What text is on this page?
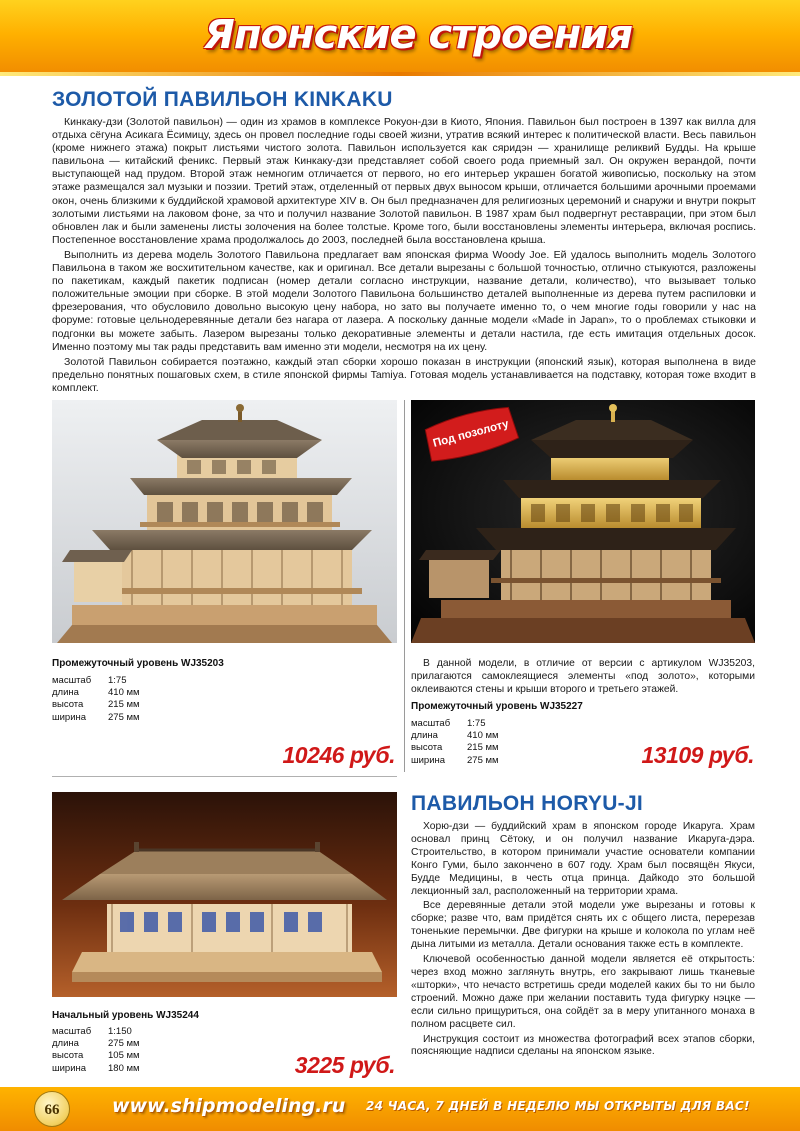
Японские строения
ЗОЛОТОЙ ПАВИЛЬОН KINKAKU

Кинкаку-дзи (Золотой павильон) — один из храмов в комплексе Рокуон-дзи в Киото, Япония. Павильон был построен в 1397 как вилла для отдыха сёгуна Асикага Ёсимицу, здесь он провел последние годы своей жизни, утратив всякий интерес к политической власти. Весь павильон (кроме нижнего этажа) покрыт листьями чистого золота. Павильон используется как сяридэн — хранилище реликвий Будды. На крыше павильона — китайский феникс. Первый этаж Кинкаку-дзи представляет собой своего рода приемный зал. Он окружен верандой, почти выступающей над прудом. Второй этаж немногим отличается от первого, но его интерьер украшен богатой живописью, поскольку на этом этаже размещался зал музыки и поэзии. Третий этаж, отделенный от первых двух выносом крыши, отличается большими арочными проемами окон, очень близкими к буддийской храмовой архитектуре XIV в. Он был предназначен для религиозных церемоний и снаружи и внутри покрыт золотыми листьями на лаковом фоне, за что и получил название Золотой павильон. В 1987 храм был подвергнут реставрации, при этом был обновлен лак и были заменены листы золочения на более толстые. Кроме того, были восстановлены элементы интерьера, включая роспись. Постепенное восстановление храма продолжалось до 2003, последней была восстановлена крыша.

Выполнить из дерева модель Золотого Павильона предлагает вам японская фирма Woody Joe. Ей удалось выполнить модель Золотого Павильона в таком же восхитительном качестве, как и оригинал. Все детали вырезаны с большой точностью, отлично стыкуются, разложены по пакетикам, каждый пакетик подписан (номер детали согласно инструкции, название детали, количество), что вызывает только положительные эмоции при сборке. В этой модели Золотого Павильона большинство деталей выполненные из дерева путем распиловки и фрезерования, что обусловило довольно высокую цену набора, но зато вы получаете именно то, о чем многие годы говорили у нас на форуме: готовые цельнодеревянные детали без нагара от лазера. А поскольку данные модели «Made in Japan», то о проблемах стыковки и подгонки вы можете забыть. Лазером вырезаны только декоративные элементы и детали настила, где есть имитация отдельных досок. Именно поэтому мы так рады представить вам именно эти модели, несмотря на их цену.

Золотой Павильон собирается поэтажно, каждый этап сборки хорошо показан в инструкции (японский язык), которая выполнена в виде предельно понятных пошаговых схем, в стиле японской фирмы Tamiya. Готовая модель устанавливается на подставку, которая тоже входит в комплект.

Под позолоту
Промежуточный уровень WJ35203
масштаб	1:75
длина	410 мм
высота	215 мм
ширина	275 мм
10246 руб.

В данной модели, в отличие от версии с артикулом WJ35203, прилагаются самоклеящиеся элементы «под золото», которыми оклеиваются стены и крыши второго и третьего этажей.

Промежуточный уровень WJ35227
масштаб	1:75
длина	410 мм
высота	215 мм
ширина	275 мм	13109 руб.
Начальный уровень WJ35244
масштаб	1:150
длина	275 мм
высота	105 мм
ширина	180 мм	3225 руб.
ПАВИЛЬОН HORYU-JI

Хорю-дзи — буддийский храм в японском городе Икаруга. Храм основал принц Сётоку, и он получил название Икаруга-дэра. Строительство, в котором принимали участие основатели компании Конго Гуми, было закончено в 607 году. Храм был посвящён Якуси, Будде Медицины, в честь отца принца. Дайкодо это большой лекционный зал, расположенный на территории храма.

Все деревянные детали этой модели уже вырезаны и готовы к сборке; разве что, вам придётся снять их с общего листа, перерезав тоненькие перемычки. Две фигурки на крыше и колокола по углам неё дына литыми из металла. Детали основания также есть в комплекте.

Ключевой особенностью данной модели является её открытость: через вход можно заглянуть внутрь, его закрывают лишь тканевые «шторки», что нечасто встретишь среди моделей каких бы то ни было строений. Можно даже при желании поставить туда фигурку нэцке — если сильно прищуриться, она сойдёт за в меру упитанного монаха в полном расцвете сил.

Инструкция состоит из множества фотографий всех этапов сборки, поясняющие надписи сделаны на японском языке.

66	www.shipmodeling.ru 24 ЧАСА, 7 ДНЕЙ В НЕДЕЛЮ МЫ ОТКРЫТЫ ДЛЯ ВАС!
